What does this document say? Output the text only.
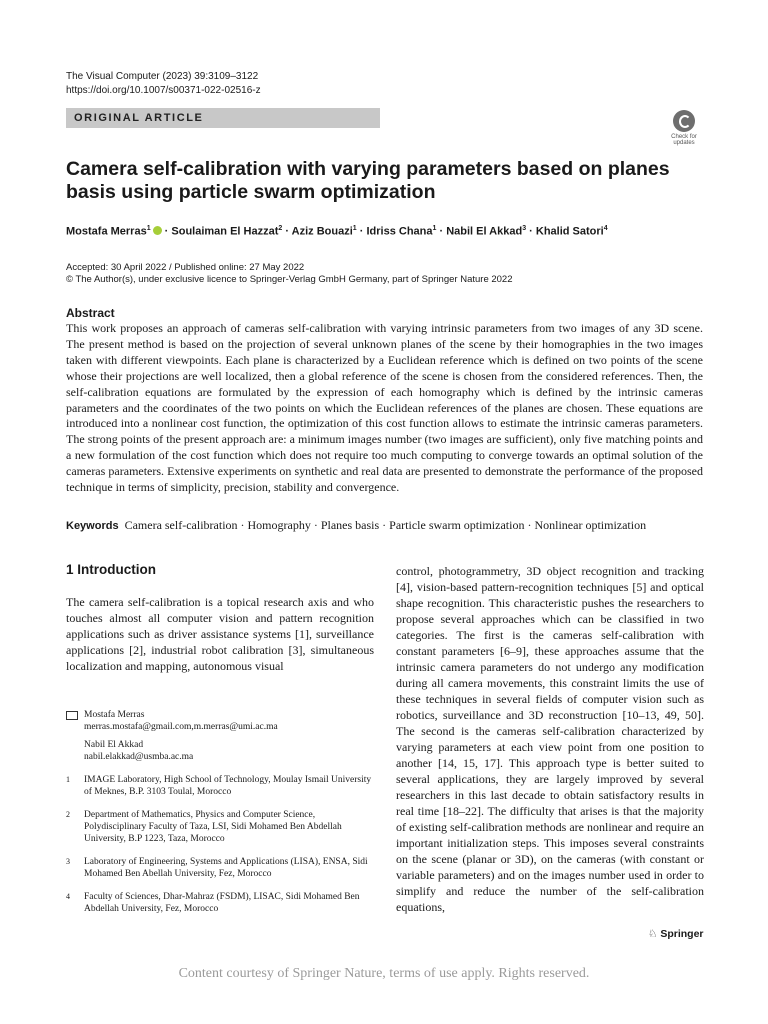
The Visual Computer (2023) 39:3109–3122
https://doi.org/10.1007/s00371-022-02516-z
ORIGINAL ARTICLE
Check for updates
Camera self-calibration with varying parameters based on planes basis using particle swarm optimization
Mostafa Merras$^1$ · Soulaiman El Hazzat$^2$ · Aziz Bouazi$^1$ · Idriss Chana$^1$ · Nabil El Akkad$^3$ · Khalid Satori$^4$
Accepted: 30 April 2022 / Published online: 27 May 2022
© The Author(s), under exclusive licence to Springer-Verlag GmbH Germany, part of Springer Nature 2022
Abstract
This work proposes an approach of cameras self-calibration with varying intrinsic parameters from two images of any 3D scene. The present method is based on the projection of several unknown planes of the scene by their homographies in the two images taken with different viewpoints. Each plane is characterized by a Euclidean reference which is defined on two points of the scene whose their projections are well localized, then a global reference of the scene is chosen from the considered references. Then, the self-calibration equations are formulated by the expression of each homography which is defined by the intrinsic cameras parameters and the coordinates of the two points on which the Euclidean references of the planes are chosen. These equations are introduced into a nonlinear cost function, the optimization of this cost function allows to estimate the intrinsic cameras parameters. The strong points of the present approach are: a minimum images number (two images are sufficient), only five matching points and a new formulation of the cost function which does not require too much computing to converge towards an optimal solution of the cameras parameters. Extensive experiments on synthetic and real data are presented to demonstrate the performance of the proposed technique in terms of simplicity, precision, stability and convergence.
Keywords Camera self-calibration · Homography · Planes basis · Particle swarm optimization · Nonlinear optimization
1 Introduction
The camera self-calibration is a topical research axis and who touches almost all computer vision and pattern recognition applications such as driver assistance systems [1], surveillance applications [2], industrial robot calibration [3], simultaneous localization and mapping, autonomous visual
Mostafa Merras
merras.mostafa@gmail.com,m.merras@umi.ac.ma
Nabil El Akkad
nabil.elakkad@usmba.ac.ma
1	IMAGE Laboratory, High School of Technology, Moulay Ismail University of Meknes, B.P. 3103 Toulal, Morocco
2	Department of Mathematics, Physics and Computer Science, Polydisciplinary Faculty of Taza, LSI, Sidi Mohamed Ben Abdellah University, B.P 1223, Taza, Morocco
3	Laboratory of Engineering, Systems and Applications (LISA), ENSA, Sidi Mohamed Ben Abellah University, Fez, Morocco
4	Faculty of Sciences, Dhar-Mahraz (FSDM), LISAC, Sidi Mohamed Ben Abdellah University, Fez, Morocco
control, photogrammetry, 3D object recognition and tracking [4], vision-based pattern-recognition techniques [5] and optical shape recognition. This characteristic pushes the researchers to propose several approaches which can be classified in two categories. The first is the cameras self-calibration with constant parameters [6–9], these approaches assume that the intrinsic camera parameters do not undergo any modification during all camera movements, this constraint limits the use of these techniques in several fields of computer vision such as robotics, surveillance and 3D reconstruction [10–13, 49, 50]. The second is the cameras self-calibration characterized by varying parameters at each view point from one position to another [14, 15, 17]. This approach type is better suited to several applications, they are largely improved by several researchers in this last decade to obtain satisfactory results in real time [18–22]. The difficulty that arises is that the majority of existing self-calibration methods are nonlinear and require an important initialization steps. This imposes several constraints on the scene (planar or 3D), on the cameras (with constant or variable parameters) and on the images number used in order to simplify and reduce the number of the self-calibration equations,
♘ Springer
Content courtesy of Springer Nature, terms of use apply. Rights reserved.
